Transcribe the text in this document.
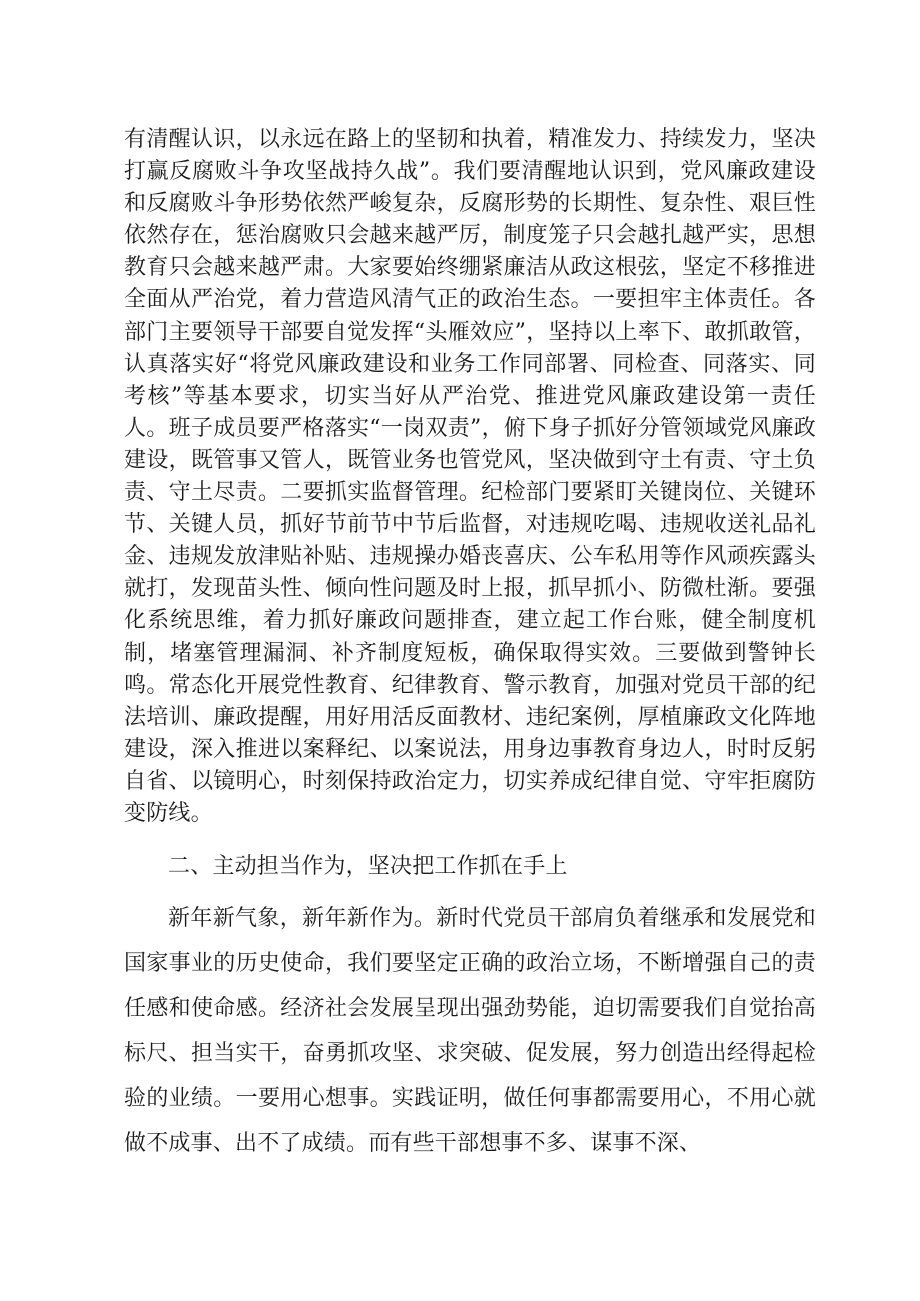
有清醒认识，以永远在路上的坚韧和执着，精准发力、持续发力，坚决打赢反腐败斗争攻坚战持久战”。我们要清醒地认识到，党风廉政建设和反腐败斗争形势依然严峻复杂，反腐形势的长期性、复杂性、艰巨性依然存在，惩治腐败只会越来越严厉，制度笼子只会越扎越严实，思想教育只会越来越严肃。大家要始终绷紧廉洁从政这根弦，坚定不移推进全面从严治党，着力营造风清气正的政治生态。一要担牢主体责任。各部门主要领导干部要自觉发挥“头雁效应”，坚持以上率下、敢抓敢管，认真落实好“将党风廉政建设和业务工作同部署、同检查、同落实、同考核”等基本要求，切实当好从严治党、推进党风廉政建设第一责任人。班子成员要严格落实“一岗双责”，俯下身子抓好分管领域党风廉政建设，既管事又管人，既管业务也管党风，坚决做到守土有责、守土负责、守土尽责。二要抓实监督管理。纪检部门要紧盯关键岗位、关键环节、关键人员，抓好节前节中节后监督，对违规吃喝、违规收送礼品礼金、违规发放津贴补贴、违规操办婚丧喜庆、公车私用等作风顽疾露头就打，发现苗头性、倾向性问题及时上报，抓早抓小、防微杜渐。要强化系统思维，着力抓好廉政问题排查，建立起工作台账，健全制度机制，堵塞管理漏洞、补齐制度短板，确保取得实效。三要做到警钟长鸣。常态化开展党性教育、纪律教育、警示教育，加强对党员干部的纪法培训、廉政提醒，用好用活反面教材、违纪案例，厚植廉政文化阵地建设，深入推进以案释纪、以案说法，用身边事教育身边人，时时反躬自省、以镜明心，时刻保持政治定力，切实养成纪律自觉、守牢拒腐防变防线。

二、主动担当作为，坚决把工作抓在手上

新年新气象，新年新作为。新时代党员干部肩负着继承和发展党和国家事业的历史使命，我们要坚定正确的政治立场，不断增强自己的责任感和使命感。经济社会发展呈现出强劲势能，迫切需要我们自觉抬高标尺、担当实干，奋勇抓攻坚、求突破、促发展，努力创造出经得起检验的业绩。一要用心想事。实践证明，做任何事都需要用心，不用心就做不成事、出不了成绩。而有些干部想事不多、谋事不深、
